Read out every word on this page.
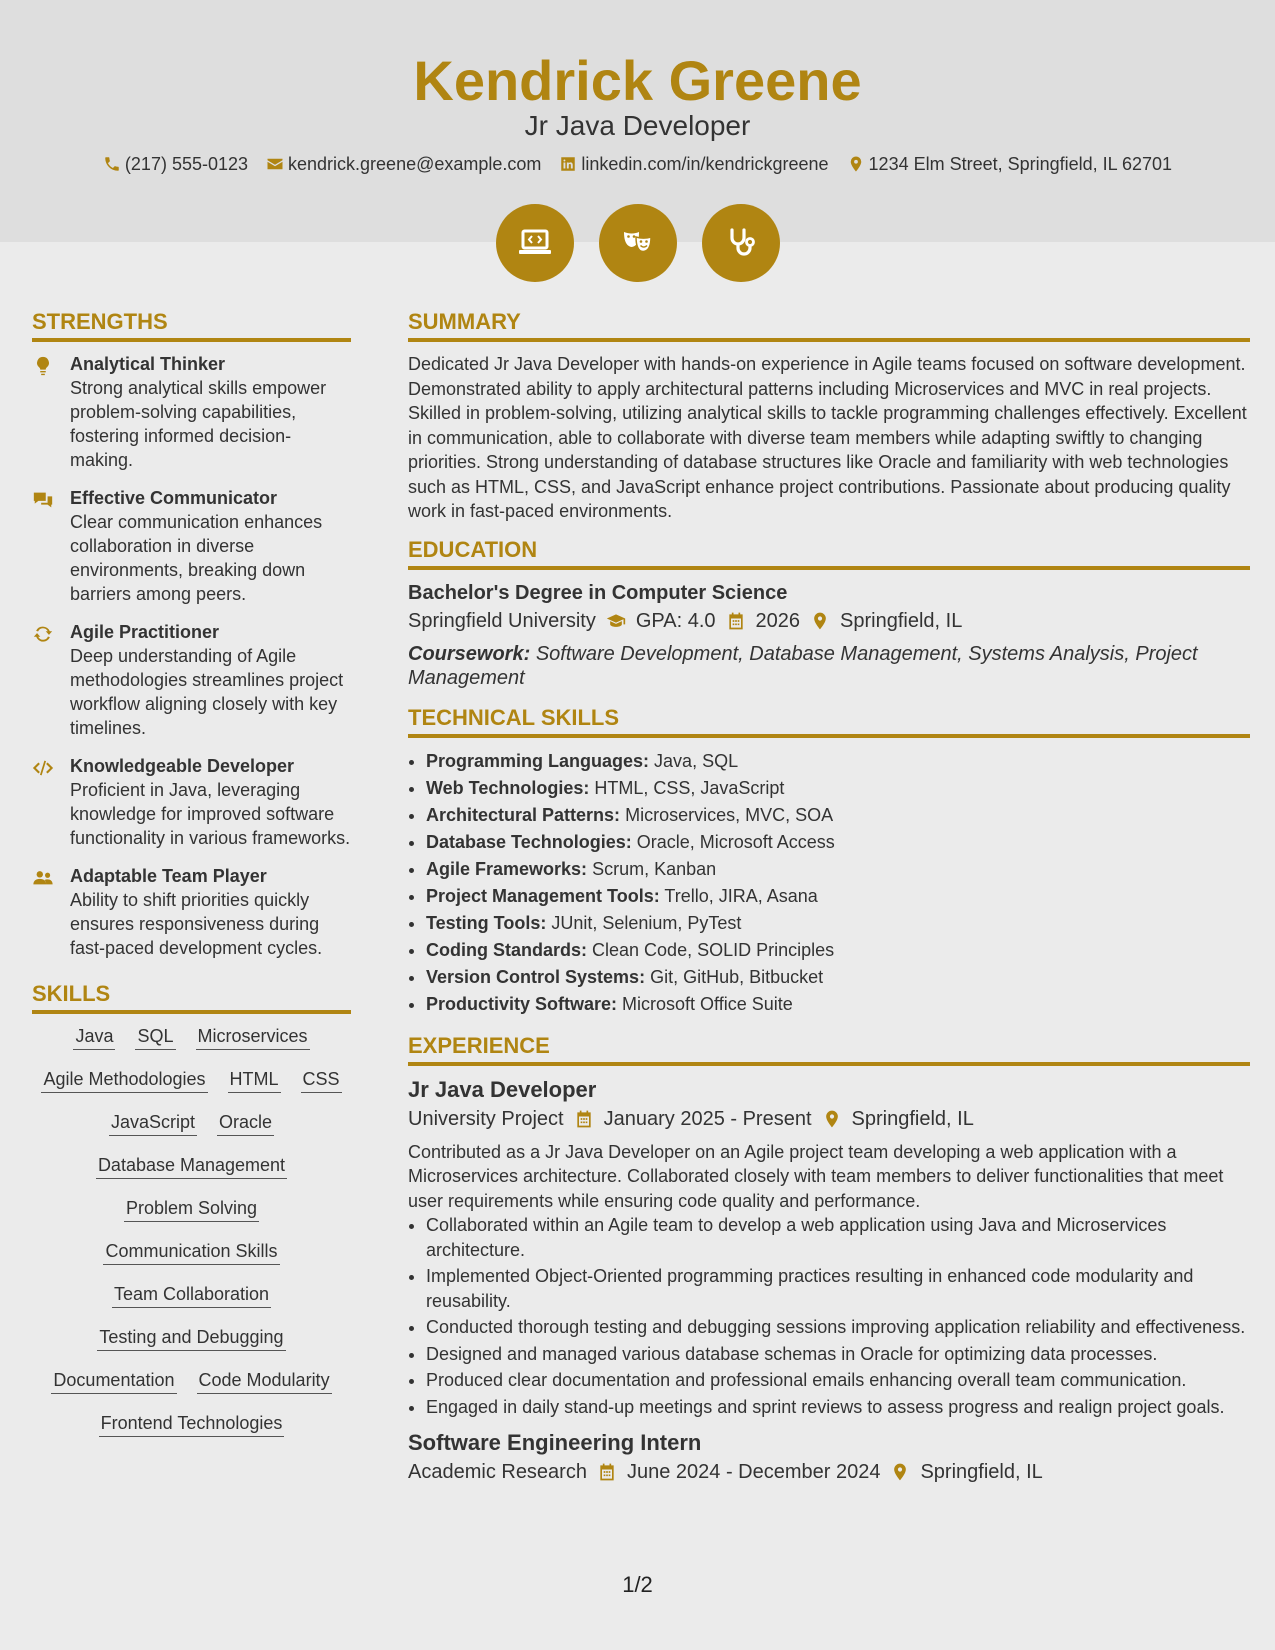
Kendrick Greene
Jr Java Developer
(217) 555-0123 kendrick.greene@example.com linkedin.com/in/kendrickgreene 1234 Elm Street, Springfield, IL 62701
STRENGTHS
Analytical Thinker
Strong analytical skills empower problem-solving capabilities, fostering informed decision-making.
Effective Communicator
Clear communication enhances collaboration in diverse environments, breaking down barriers among peers.
Agile Practitioner
Deep understanding of Agile methodologies streamlines project workflow aligning closely with key timelines.
Knowledgeable Developer
Proficient in Java, leveraging knowledge for improved software functionality in various frameworks.
Adaptable Team Player
Ability to shift priorities quickly ensures responsiveness during fast-paced development cycles.
SKILLS
Java SQL Microservices
Agile Methodologies HTML CSS
JavaScript Oracle
Database Management
Problem Solving
Communication Skills
Team Collaboration
Testing and Debugging
Documentation Code Modularity
Frontend Technologies
SUMMARY

Dedicated Jr Java Developer with hands-on experience in Agile teams focused on software development. Demonstrated ability to apply architectural patterns including Microservices and MVC in real projects. Skilled in problem-solving, utilizing analytical skills to tackle programming challenges effectively. Excellent in communication, able to collaborate with diverse team members while adapting swiftly to changing priorities. Strong understanding of database structures like Oracle and familiarity with web technologies such as HTML, CSS, and JavaScript enhance project contributions. Passionate about producing quality work in fast-paced environments.

EDUCATION
Bachelor's Degree in Computer Science
Springfield University GPA: 4.0 2026 Springfield, IL
Coursework: Software Development, Database Management, Systems Analysis, Project Management
TECHNICAL SKILLS
• Programming Languages: Java, SQL
• Web Technologies: HTML, CSS, JavaScript
• Architectural Patterns: Microservices, MVC, SOA
• Database Technologies: Oracle, Microsoft Access
• Agile Frameworks: Scrum, Kanban
• Project Management Tools: Trello, JIRA, Asana
• Testing Tools: JUnit, Selenium, PyTest
• Coding Standards: Clean Code, SOLID Principles
• Version Control Systems: Git, GitHub, Bitbucket
• Productivity Software: Microsoft Office Suite
EXPERIENCE
Jr Java Developer
University Project January 2025 - Present Springfield, IL

Contributed as a Jr Java Developer on an Agile project team developing a web application with a Microservices architecture. Collaborated closely with team members to deliver functionalities that meet user requirements while ensuring code quality and performance.

• Collaborated within an Agile team to develop a web application using Java and Microservices architecture.
• Implemented Object-Oriented programming practices resulting in enhanced code modularity and reusability.
• Conducted thorough testing and debugging sessions improving application reliability and effectiveness.
• Designed and managed various database schemas in Oracle for optimizing data processes.
• Produced clear documentation and professional emails enhancing overall team communication.
• Engaged in daily stand-up meetings and sprint reviews to assess progress and realign project goals.
Software Engineering Intern
Academic Research June 2024 - December 2024 Springfield, IL
1/2
